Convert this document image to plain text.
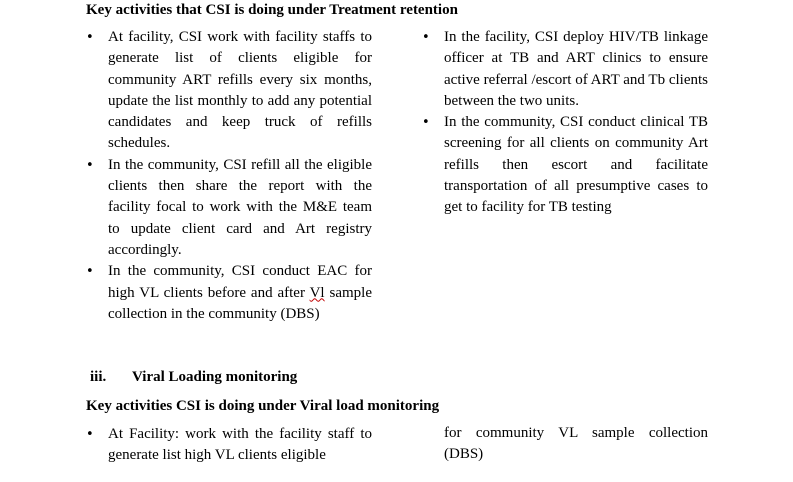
Key activities that CSI is doing under Treatment retention
• At facility, CSI work with facility staffs to generate list of clients eligible for community ART refills every six months, update the list monthly to add any potential candidates and keep truck of refills schedules.
• In the community, CSI refill all the eligible clients then share the report with the facility focal to work with the M&E team to update client card and Art registry accordingly.
• In the community, CSI conduct EAC for high VL clients before and after Vl sample collection in the community (DBS)
• In the facility, CSI deploy HIV/TB linkage officer at TB and ART clinics to ensure active referral /escort of ART and Tb clients between the two units.
• In the community, CSI conduct clinical TB screening for all clients on community Art refills then escort and facilitate transportation of all presumptive cases to get to facility for TB testing
iii. Viral Loading monitoring
Key activities CSI is doing under Viral load monitoring
• At Facility: work with the facility staff to generate list high VL clients eligible
for community VL sample collection (DBS)
